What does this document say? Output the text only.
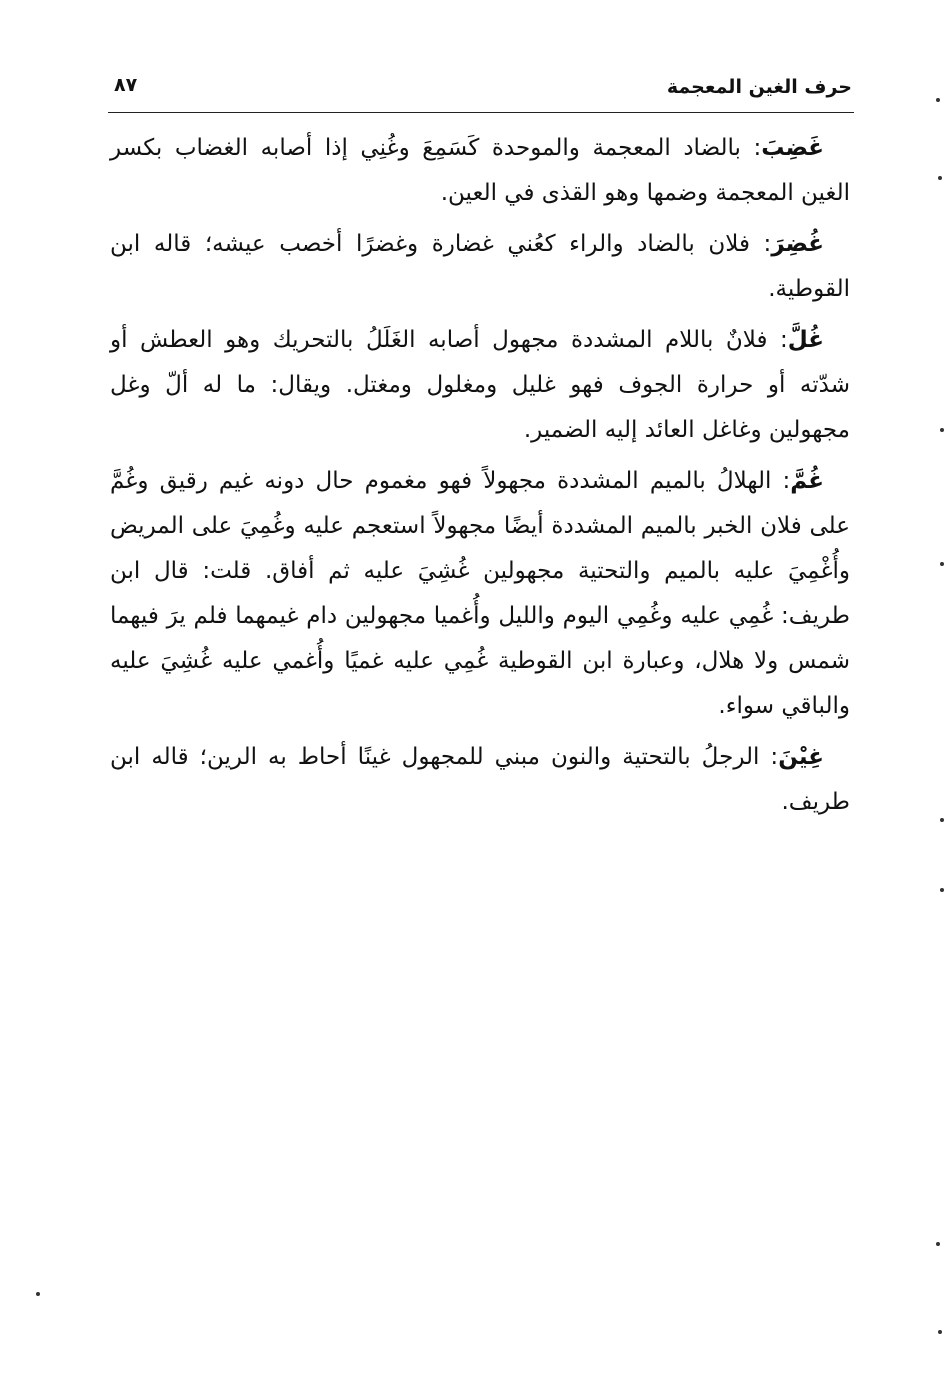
حرف الغين المعجمة
٨٧

غَضِبَ: بالضاد المعجمة والموحدة كَسَمِعَ وغُنِي إذا أصابه الغضاب بكسر الغين المعجمة وضمها وهو القذى في العين.

غُضِرَ: فلان بالضاد والراء كعُني غضارة وغضرًا أخصب عيشه؛ قاله ابن القوطية.

غُلَّ: فلانٌ باللام المشددة مجهول أصابه الغَلَلُ بالتحريك وهو العطش أو شدّته أو حرارة الجوف فهو غليل ومغلول ومغتل. ويقال: ما له ألّ وغل مجهولين وغاغل العائد إليه الضمير.

غُمَّ: الهلالُ بالميم المشددة مجهولاً فهو مغموم حال دونه غيم رقيق وغُمَّ على فلان الخبر بالميم المشددة أيضًا مجهولاً استعجم عليه وغُمِيَ على المريض وأُغْمِيَ عليه بالميم والتحتية مجهولين غُشِيَ عليه ثم أفاق. قلت: قال ابن طريف: غُمِي عليه وغُمِي اليوم والليل وأُغميا مجهولين دام غيمهما فلم يرَ فيهما شمس ولا هلال، وعبارة ابن القوطية غُمِي عليه غميًا وأُغمي عليه غُشِيَ عليه والباقي سواء.

غِيْنَ: الرجلُ بالتحتية والنون مبني للمجهول غينًا أحاط به الرين؛ قاله ابن طريف.
